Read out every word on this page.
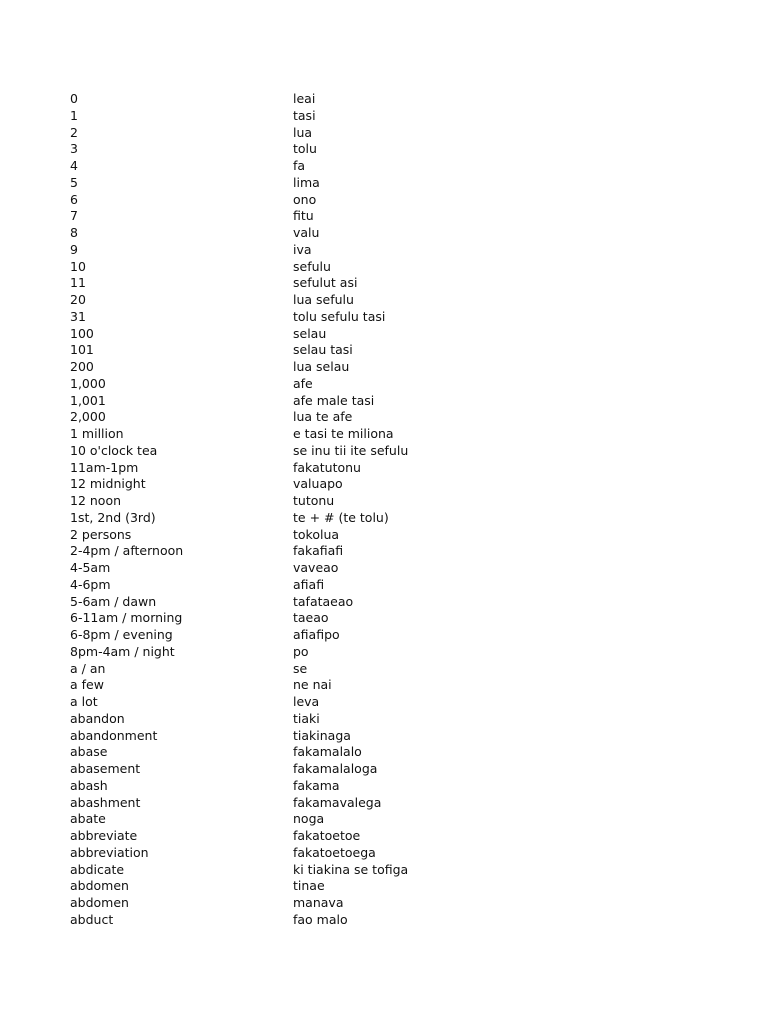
0	leai
1	tasi
2	lua
3	tolu
4	fa
5	lima
6	ono
7	fitu
8	valu
9	iva
10	sefulu
11	sefulut asi
20	lua sefulu
31	tolu sefulu tasi
100	selau
101	selau tasi
200	lua selau
1,000	afe
1,001	afe male tasi
2,000	lua te afe
1 million	e tasi te miliona
10 o'clock tea	se inu tii ite sefulu
11am-1pm	fakatutonu
12 midnight	valuapo
12 noon	tutonu
1st, 2nd (3rd)	te + # (te tolu)
2 persons	tokolua
2-4pm / afternoon	fakafiafi
4-5am	vaveao
4-6pm	afiafi
5-6am / dawn	tafataeao
6-11am / morning	taeao
6-8pm / evening	afiafipo
8pm-4am / night	po
a / an	se
a few	ne nai
a lot	leva
abandon	tiaki
abandonment	tiakinaga
abase	fakamalalo
abasement	fakamalaloga
abash	fakama
abashment	fakamavalega
abate	noga
abbreviate	fakatoetoe
abbreviation	fakatoetoega
abdicate	ki tiakina se tofiga
abdomen	tinae
abdomen	manava
abduct	fao malo
